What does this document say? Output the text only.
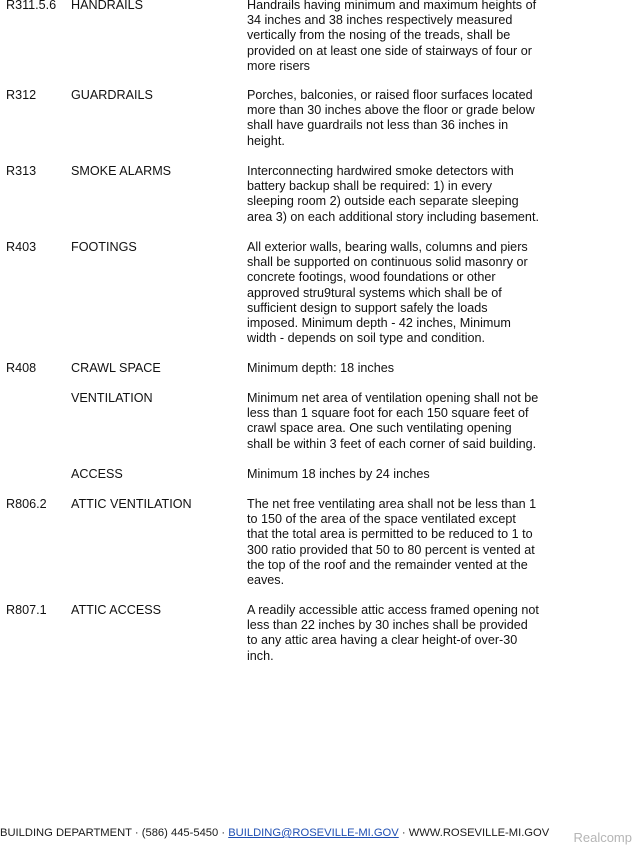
R311.5.6 HANDRAILS	Handrails having minimum and maximum heights of
34 inches and 38 inches respectively measured
vertically from the nosing of the treads, shall be
provided on at least one side of stairways of four or
more risers
R312	GUARDRAILS	Porches, balconies, or raised floor surfaces located
more than 30 inches above the floor or grade below
shall have guardrails not less than 36 inches in
height.
R313	SMOKE ALARMS	Interconnecting hardwired smoke detectors with
battery backup shall be required: 1) in every
sleeping room 2) outside each separate sleeping
area 3) on each additional story including basement.
R403	FOOTINGS	All exterior walls, bearing walls, columns and piers
shall be supported on continuous solid masonry or
concrete footings, wood foundations or other
approved stru9tural systems which shall be of
sufficient design to support safely the loads
imposed. Minimum depth - 42 inches, Minimum
width - depends on soil type and condition.
R408	CRAWL SPACE	Minimum depth: 18 inches
VENTILATION	Minimum net area of ventilation opening shall not be
less than 1 square foot for each 150 square feet of
crawl space area. One such ventilating opening
shall be within 3 feet of each corner of said building.
ACCESS	Minimum 18 inches by 24 inches
R806.2 ATTIC VENTILATION	The net free ventilating area shall not be less than 1
to 150 of the area of the space ventilated except
that the total area is permitted to be reduced to 1 to
300 ratio provided that 50 to 80 percent is vented at
the top of the roof and the remainder vented at the
eaves.
R807.1 ATTIC ACCESS	A readily accessible attic access framed opening not
less than 22 inches by 30 inches shall be provided
to any attic area having a clear height-of over-30
inch.
BUILDING DEPARTMENT · (586) 445-5450 · BUILDING@ROSEVILLE-MI.GOV · WWW.ROSEVILLE-MI.GOV	Realcomp
